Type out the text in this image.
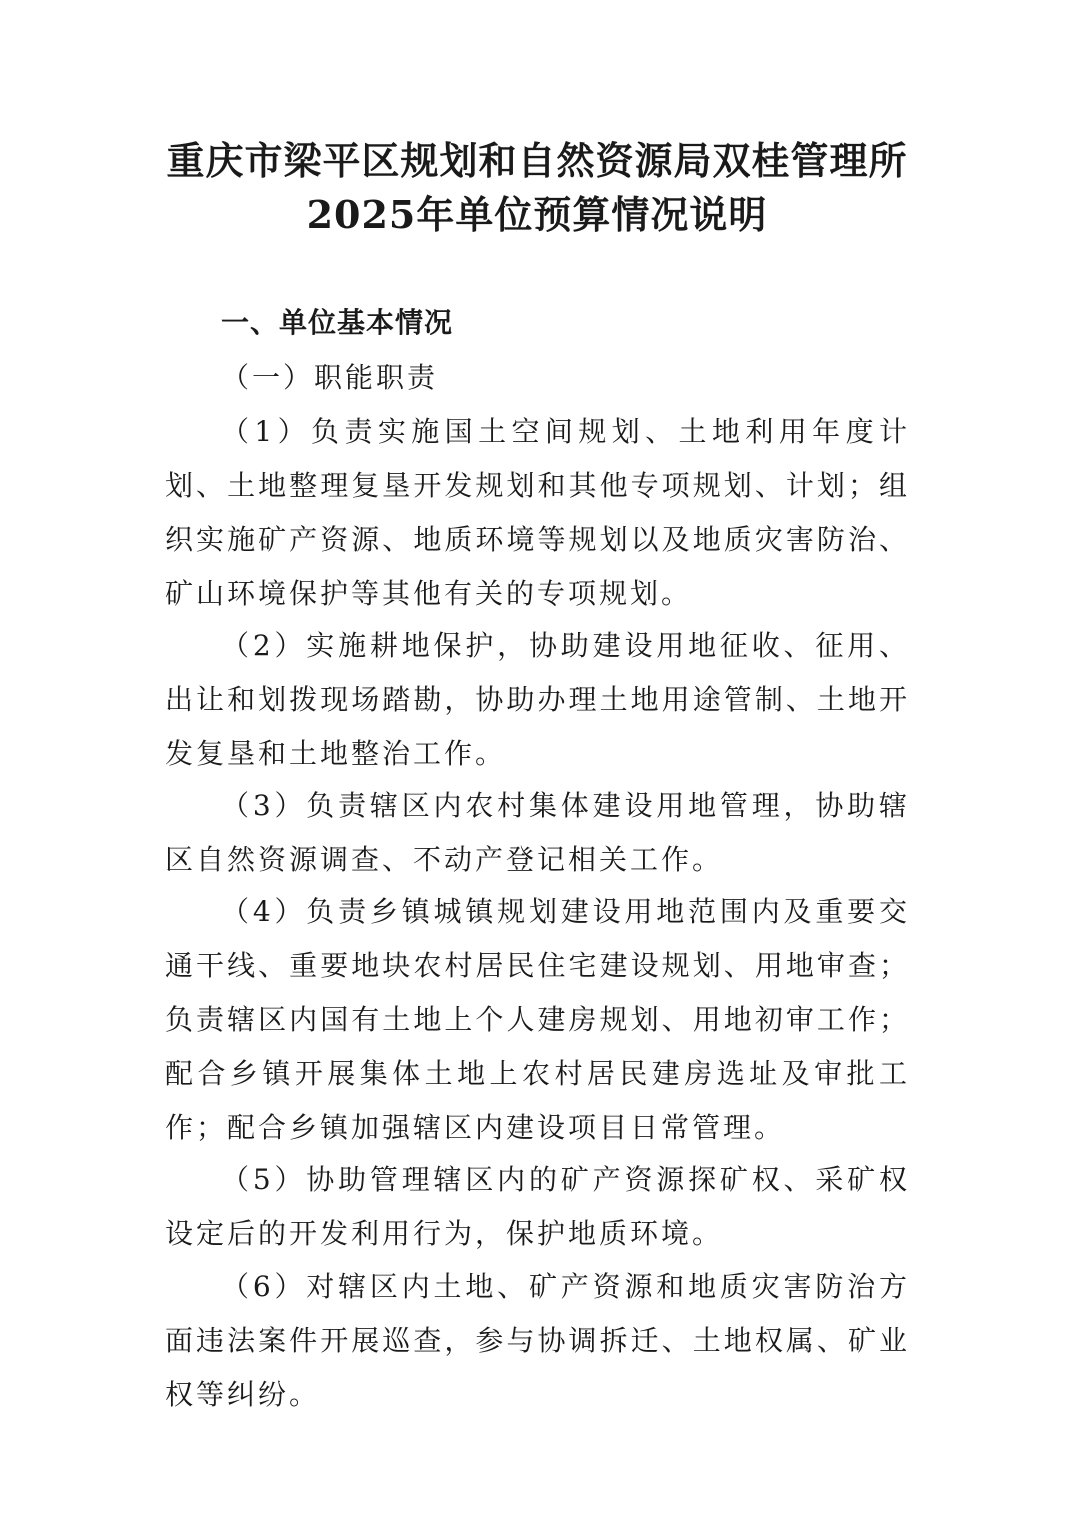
重庆市梁平区规划和自然资源局双桂管理所
2025年单位预算情况说明
一、单位基本情况
（一）职能职责
（1）负责实施国土空间规划、土地利用年度计划、土地整理复垦开发规划和其他专项规划、计划；组织实施矿产资源、地质环境等规划以及地质灾害防治、矿山环境保护等其他有关的专项规划。
（2）实施耕地保护，协助建设用地征收、征用、出让和划拨现场踏勘，协助办理土地用途管制、土地开发复垦和土地整治工作。
（3）负责辖区内农村集体建设用地管理，协助辖区自然资源调查、不动产登记相关工作。
（4）负责乡镇城镇规划建设用地范围内及重要交通干线、重要地块农村居民住宅建设规划、用地审查；负责辖区内国有土地上个人建房规划、用地初审工作；配合乡镇开展集体土地上农村居民建房选址及审批工作；配合乡镇加强辖区内建设项目日常管理。
（5）协助管理辖区内的矿产资源探矿权、采矿权设定后的开发利用行为，保护地质环境。
（6）对辖区内土地、矿产资源和地质灾害防治方面违法案件开展巡查，参与协调拆迁、土地权属、矿业权等纠纷。
